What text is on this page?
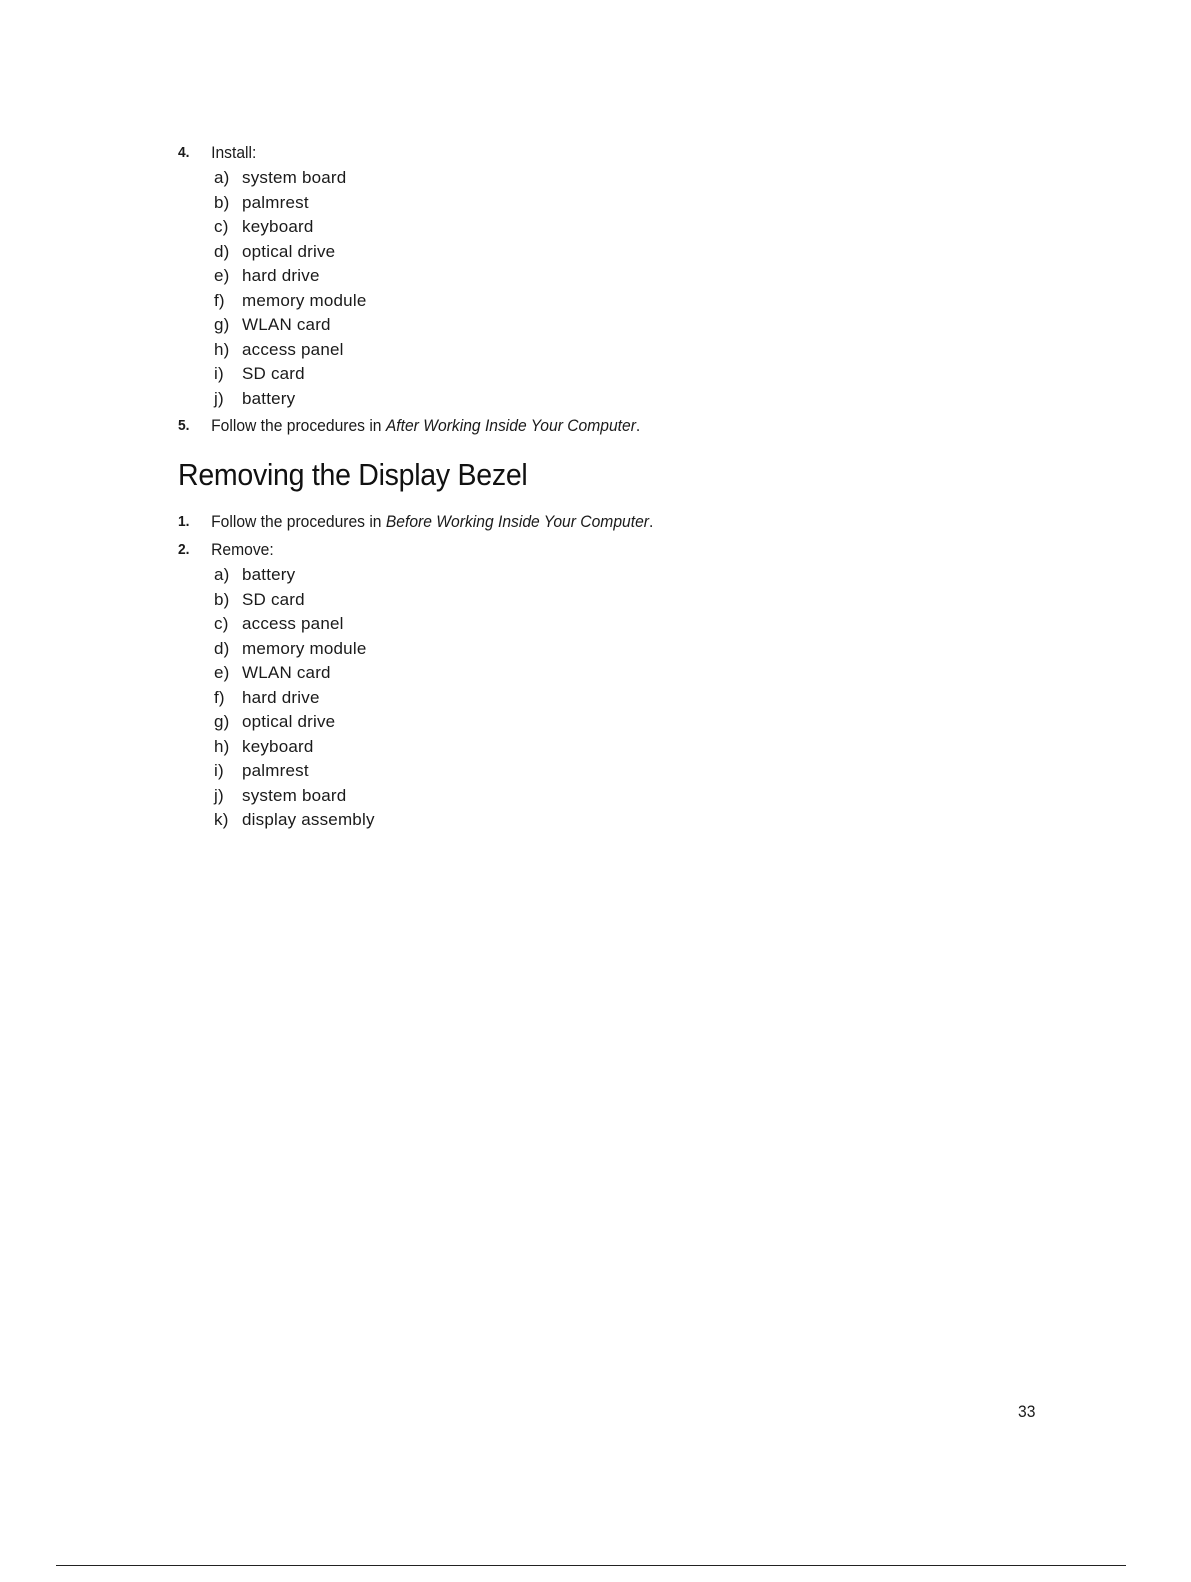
4. Install:
a) system board
b) palmrest
c) keyboard
d) optical drive
e) hard drive
f) memory module
g) WLAN card
h) access panel
i) SD card
j) battery
5. Follow the procedures in After Working Inside Your Computer.
Removing the Display Bezel
1. Follow the procedures in Before Working Inside Your Computer.
2. Remove:
a) battery
b) SD card
c) access panel
d) memory module
e) WLAN card
f) hard drive
g) optical drive
h) keyboard
i) palmrest
j) system board
k) display assembly
33
